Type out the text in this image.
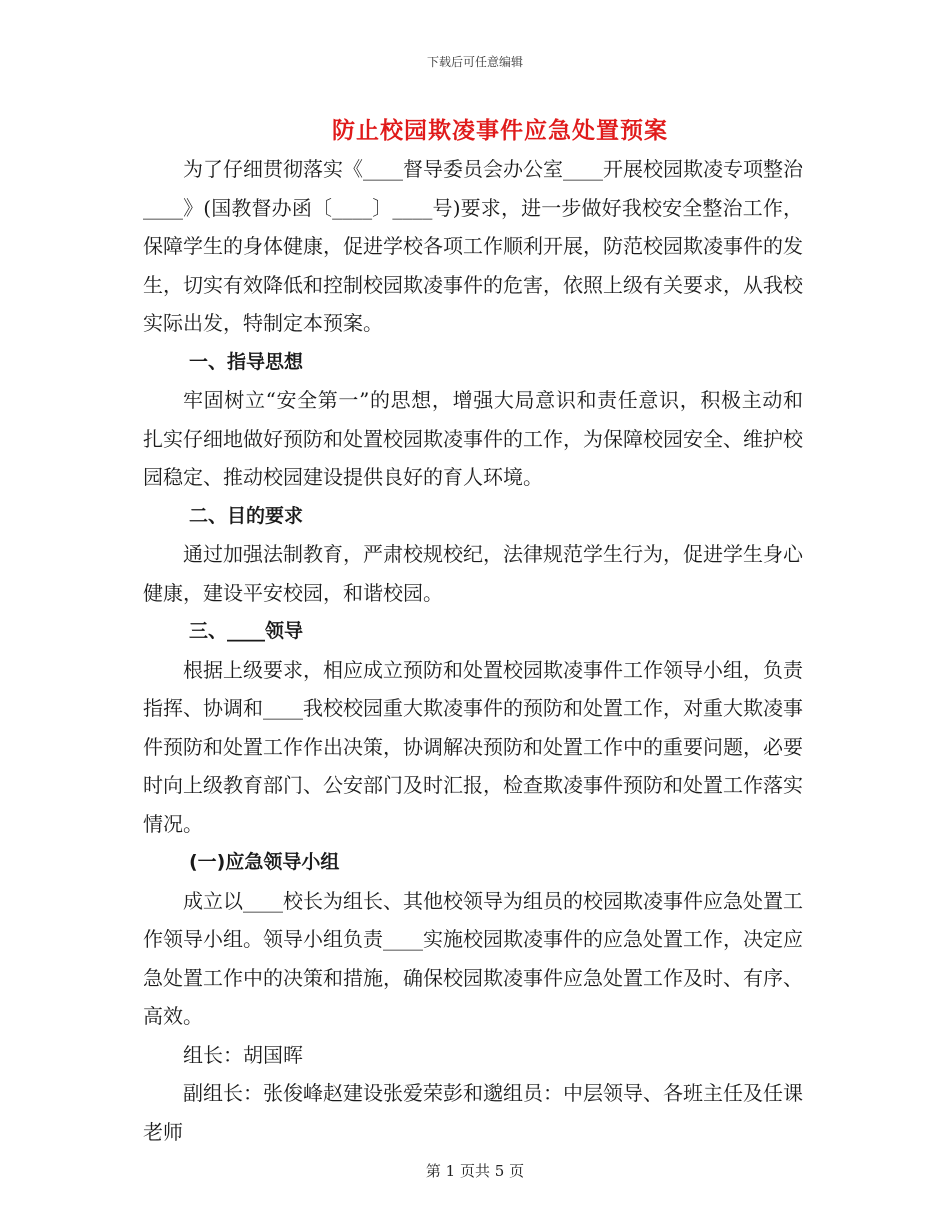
下载后可任意编辑
防止校园欺凌事件应急处置预案

为了仔细贯彻落实《____督导委员会办公室____开展校园欺凌专项整治____》(国教督办函〔____〕____号)要求，进一步做好我校安全整治工作，保障学生的身体健康，促进学校各项工作顺利开展，防范校园欺凌事件的发生，切实有效降低和控制校园欺凌事件的危害，依照上级有关要求，从我校实际出发，特制定本预案。

一、指导思想

牢固树立“安全第一”的思想，增强大局意识和责任意识，积极主动和扎实仔细地做好预防和处置校园欺凌事件的工作，为保障校园安全、维护校园稳定、推动校园建设提供良好的育人环境。

二、目的要求

通过加强法制教育，严肃校规校纪，法律规范学生行为，促进学生身心健康，建设平安校园，和谐校园。

三、____领导

根据上级要求，相应成立预防和处置校园欺凌事件工作领导小组，负责指挥、协调和____我校校园重大欺凌事件的预防和处置工作，对重大欺凌事件预防和处置工作作出决策，协调解决预防和处置工作中的重要问题，必要时向上级教育部门、公安部门及时汇报，检查欺凌事件预防和处置工作落实情况。

(一)应急领导小组

成立以____校长为组长、其他校领导为组员的校园欺凌事件应急处置工作领导小组。领导小组负责____实施校园欺凌事件的应急处置工作，决定应急处置工作中的决策和措施，确保校园欺凌事件应急处置工作及时、有序、高效。

组长：胡国晖

副组长：张俊峰赵建设张爱荣彭和邈组员：中层领导、各班主任及任课老师

第 1 页共 5 页
